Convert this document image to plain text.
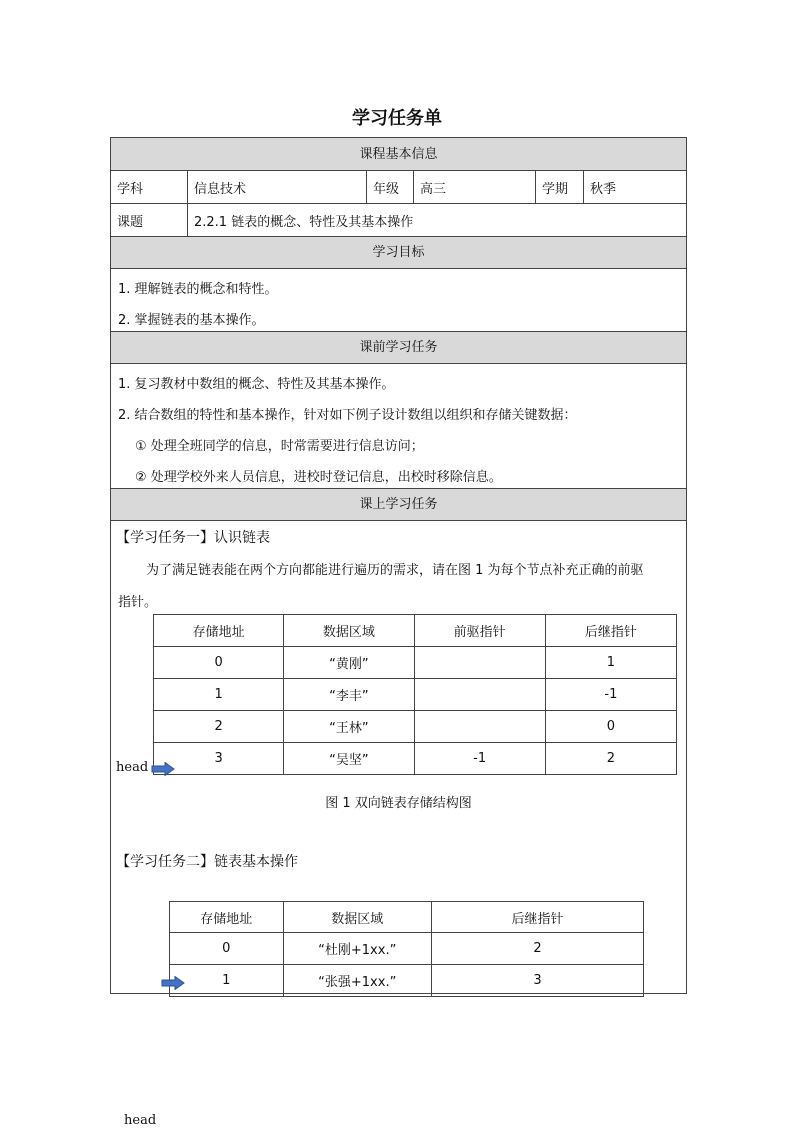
学习任务单
课程基本信息
学科	信息技术	年级	高三	学期	秋季
课题	2.2.1 链表的概念、特性及其基本操作
学习目标
1. 理解链表的概念和特性。
2. 掌握链表的基本操作。
课前学习任务
1. 复习教材中数组的概念、特性及其基本操作。
2. 结合数组的特性和基本操作，针对如下例子设计数组以组织和存储关键数据：
① 处理全班同学的信息，时常需要进行信息访问；
② 处理学校外来人员信息，进校时登记信息，出校时移除信息。
课上学习任务
【学习任务一】认识链表
为了满足链表能在两个方向都能进行遍历的需求，请在图 1 为每个节点补充正确的前驱
指针。
存储地址	数据区域	前驱指针	后继指针
0	“黄刚”		1
1	“李丰”		-1
2	“王林”		0
3	“吴坚”	-1	2
head
图 1 双向链表存储结构图
【学习任务二】链表基本操作
存储地址	数据区域	后继指针
0	“杜刚+1xx.”	2
1	“张强+1xx.”	3
head
